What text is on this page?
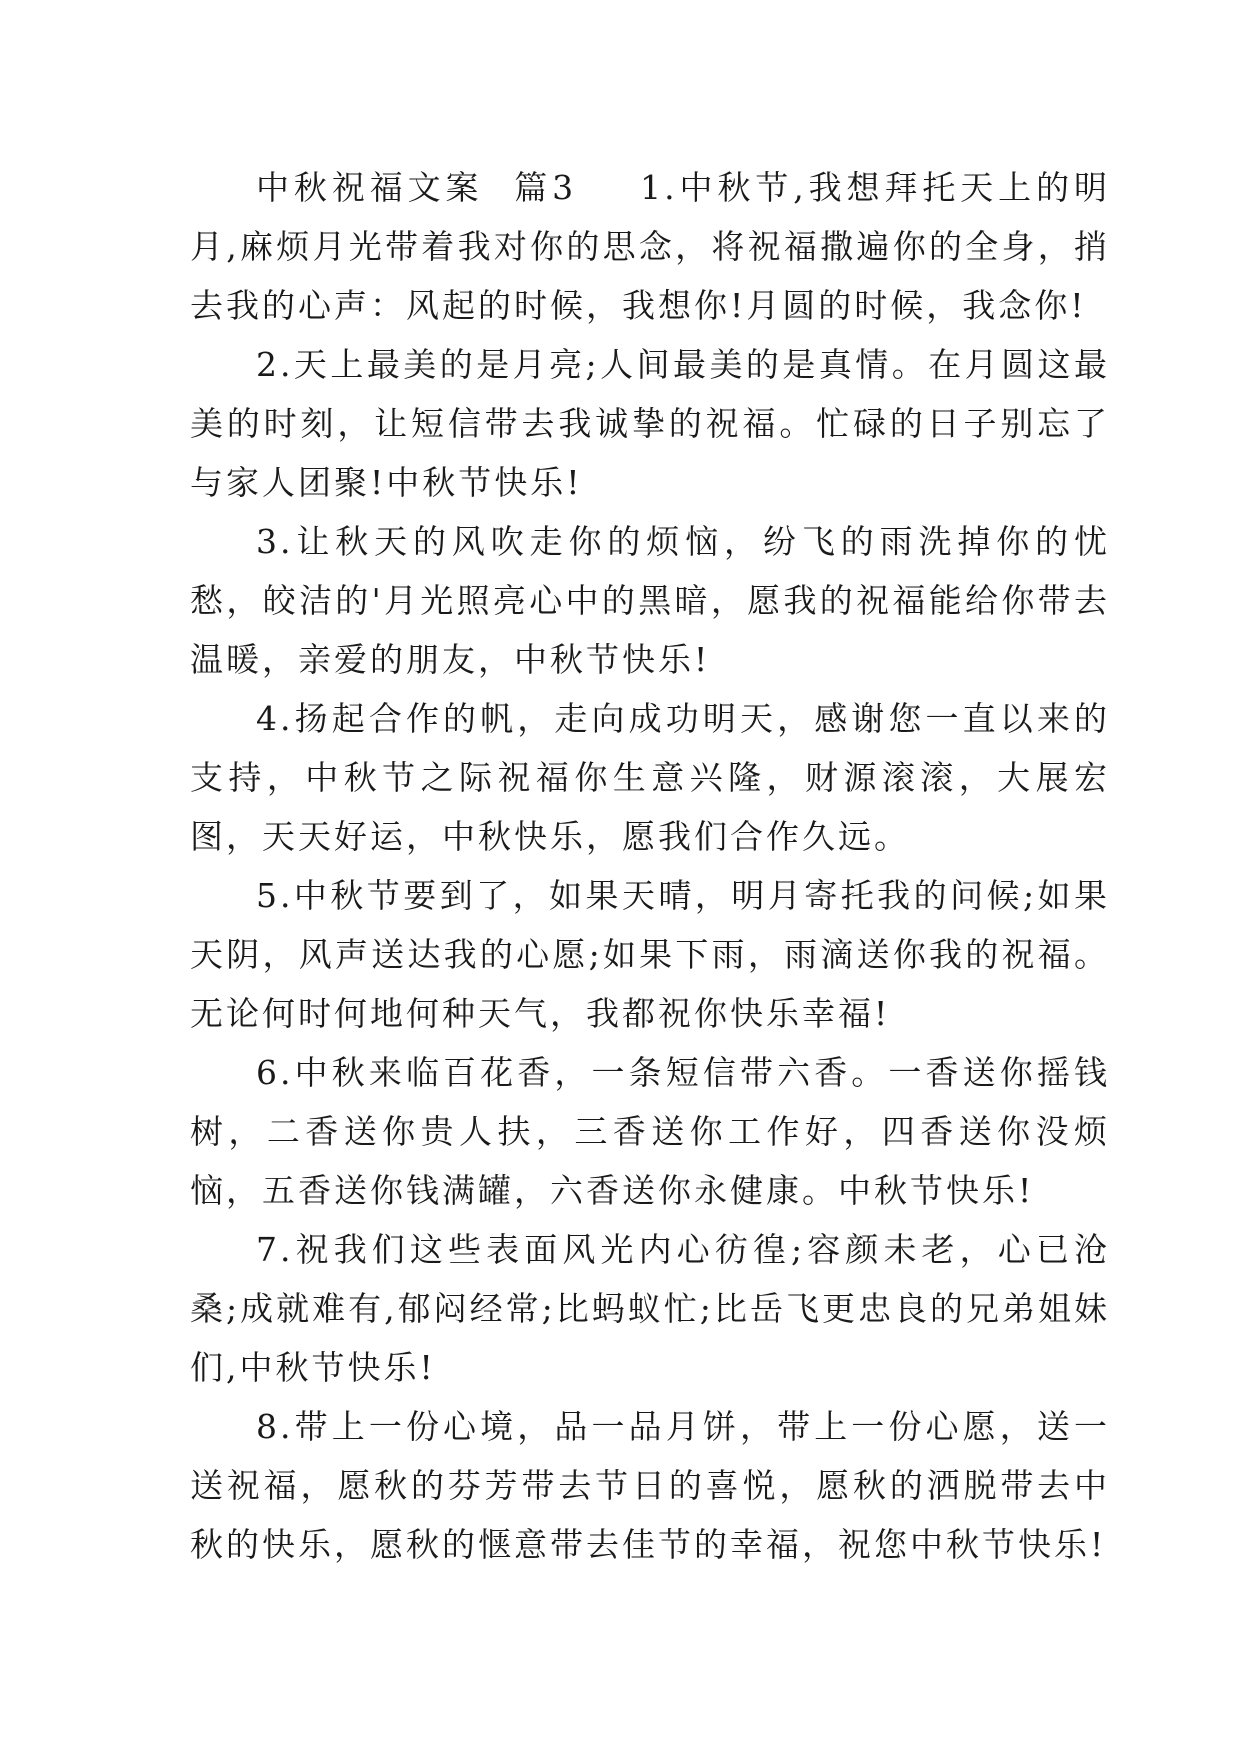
中秋祝福文案 篇3 1.中秋节,我想拜托天上的明月,麻烦月光带着我对你的思念，将祝福撒遍你的全身，捎去我的心声：风起的时候，我想你!月圆的时候，我念你!

2.天上最美的是月亮;人间最美的是真情。在月圆这最美的时刻，让短信带去我诚挚的祝福。忙碌的日子别忘了与家人团聚!中秋节快乐!

3.让秋天的风吹走你的烦恼，纷飞的雨洗掉你的忧愁，皎洁的'月光照亮心中的黑暗，愿我的祝福能给你带去温暖，亲爱的朋友，中秋节快乐!

4.扬起合作的帆，走向成功明天，感谢您一直以来的支持，中秋节之际祝福你生意兴隆，财源滚滚，大展宏图，天天好运，中秋快乐，愿我们合作久远。

5.中秋节要到了，如果天晴，明月寄托我的问候;如果天阴，风声送达我的心愿;如果下雨，雨滴送你我的祝福。无论何时何地何种天气，我都祝你快乐幸福!

6.中秋来临百花香，一条短信带六香。一香送你摇钱树，二香送你贵人扶，三香送你工作好，四香送你没烦恼，五香送你钱满罐，六香送你永健康。中秋节快乐!

7.祝我们这些表面风光内心彷徨;容颜未老，心已沧桑;成就难有,郁闷经常;比蚂蚁忙;比岳飞更忠良的兄弟姐妹们,中秋节快乐!

8.带上一份心境，品一品月饼，带上一份心愿，送一送祝福，愿秋的芬芳带去节日的喜悦，愿秋的洒脱带去中秋的快乐，愿秋的惬意带去佳节的幸福，祝您中秋节快乐!
